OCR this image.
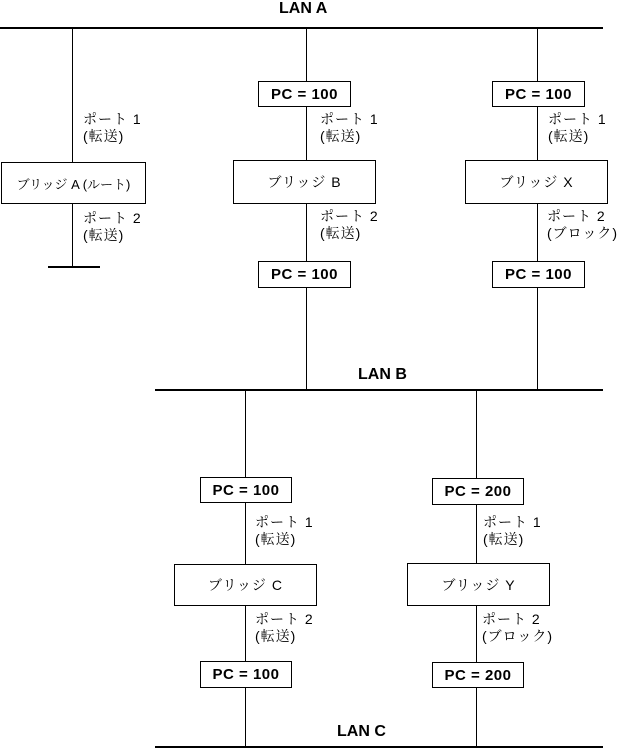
LAN A
LAN B
LAN C
ブリッジ A (ルート)	ブリッジ B	ブリッジ X
ブリッジ C	ブリッジ Y
PC = 100
PC = 100
PC = 100
PC = 100
PC = 100
PC = 100
PC = 200
PC = 200
ポート 1
(転送)
ポート 2
(転送)
ポート 1
(転送)
ポート 2
(転送)
ポート 1
(転送)
ポート 2
(ブロック)
ポート 1
(転送)
ポート 2
(転送)
ポート 1
(転送)
ポート 2
(ブロック)
